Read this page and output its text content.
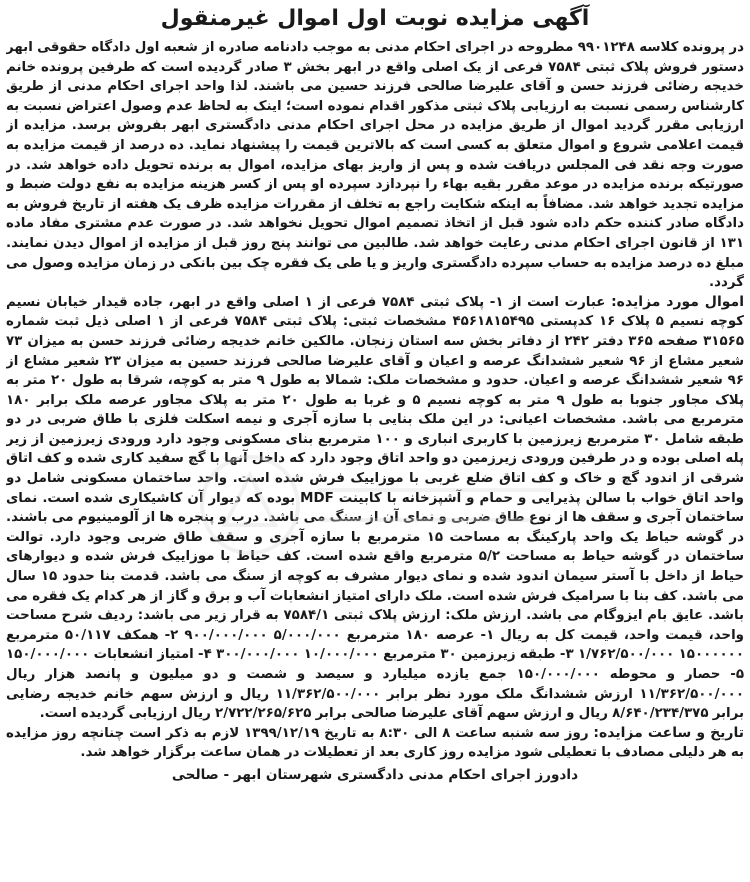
آگهی مزایده نوبت اول اموال غیرمنقول

در پرونده کلاسه ۹۹۰۱۲۴۸ مطروحه در اجرای احکام مدنی به موجب دادنامه صادره از شعبه اول دادگاه حقوقی ابهر دستور فروش پلاک ثبتی ۷۵۸۴ فرعی از یک اصلی واقع در ابهر بخش ۳ صادر گردیده است که طرفین پرونده خانم خدیجه رضائی فرزند حسن و آقای علیرضا صالحی فرزند حسین می باشند. لذا واحد اجرای احکام مدنی از طریق کارشناس رسمی نسبت به ارزیابی پلاک ثبتی مذکور اقدام نموده است؛ اینک به لحاظ عدم وصول اعتراض نسبت به ارزیابی مقرر گردید اموال از طریق مزایده در محل اجرای احکام مدنی دادگستری ابهر بفروش برسد. مزایده از قیمت اعلامی شروع و اموال متعلق به کسی است که بالاترین قیمت را پیشنهاد نماید. ده درصد از قیمت مزایده به صورت وجه نقد فی المجلس دریافت شده و پس از واریز بهای مزایده، اموال به برنده تحویل داده خواهد شد. در صورتیکه برنده مزایده در موعد مقرر بقیه بهاء را نپردازد سپرده او پس از کسر هزینه مزایده به نفع دولت ضبط و مزایده تجدید خواهد شد. مضافاً به اینکه شکایت راجع به تخلف از مقررات مزایده ظرف یک هفته از تاریخ فروش به دادگاه صادر کننده حکم داده شود قبل از اتخاذ تصمیم اموال تحویل نخواهد شد. در صورت عدم مشتری مفاد ماده ۱۳۱ از قانون اجرای احکام مدنی رعایت خواهد شد. طالبین می توانند پنج روز قبل از مزایده از اموال دیدن نمایند. مبلغ ده درصد مزایده به حساب سپرده دادگستری واریز و یا طی یک فقره چک بین بانکی در زمان مزایده وصول می گردد.

اموال مورد مزایده: عبارت است از ۱- پلاک ثبتی ۷۵۸۴ فرعی از ۱ اصلی واقع در ابهر، جاده قیدار خیابان نسیم کوچه نسیم ۵ پلاک ۱۶ کدپستی ۴۵۶۱۸۱۵۴۹۵ مشخصات ثبتی: پلاک ثبتی ۷۵۸۴ فرعی از ۱ اصلی ذیل ثبت شماره ۳۱۵۶۵ صفحه ۳۶۵ دفتر ۲۴۲ از دفاتر بخش سه استان زنجان. مالکین خانم خدیجه رضائی فرزند حسن به میزان ۷۳ شعیر مشاع از ۹۶ شعیر ششدانگ عرصه و اعیان و آقای علیرضا صالحی فرزند حسین به میزان ۲۳ شعیر مشاع از ۹۶ شعیر ششدانگ عرصه و اعیان. حدود و مشخصات ملک: شمالا به طول ۹ متر به کوچه، شرقا به طول ۲۰ متر به پلاک مجاور جنوبا به طول ۹ متر به کوچه نسیم ۵ و غربا به طول ۲۰ متر به پلاک مجاور عرصه ملک برابر ۱۸۰ مترمربع می باشد. مشخصات اعیانی: در این ملک بنایی با سازه آجری و نیمه اسکلت فلزی با طاق ضربی در دو طبقه شامل ۳۰ مترمربع زیرزمین با کاربری انباری و ۱۰۰ مترمربع بنای مسکونی وجود دارد ورودی زیرزمین از زیر پله اصلی بوده و در طرفین ورودی زیرزمین دو واحد اتاق وجود دارد که داخل آنها با گچ سفید کاری شده و کف اتاق شرقی از اندود گچ و خاک و کف اتاق ضلع غربی با موزاییک فرش شده است. واحد ساختمان مسکونی شامل دو واحد اتاق خواب با سالن پذیرایی و حمام و آشپزخانه با کابینت MDF بوده که دیوار آن کاشیکاری شده است. نمای ساختمان آجری و سقف ها از نوع طاق ضربی و نمای آن از سنگ می باشد. درب و پنجره ها از آلومینیوم می باشند. در گوشه حیاط یک واحد پارکینگ به مساحت ۱۵ مترمربع با سازه آجری و سقف طاق ضربی وجود دارد. توالت ساختمان در گوشه حیاط به مساحت ۵/۲ مترمربع واقع شده است. کف حیاط با موزاییک فرش شده و دیوارهای حیاط از داخل با آستر سیمان اندود شده و نمای دیوار مشرف به کوچه از سنگ می باشد. قدمت بنا حدود ۱۵ سال می باشد. کف بنا با سرامیک فرش شده است. ملک دارای امتیاز انشعابات آب و برق و گاز از هر کدام یک فقره می باشد. عایق بام ایزوگام می باشد. ارزش ملک: ارزش پلاک ثبتی ۷۵۸۴/۱ به قرار زیر می باشد: ردیف شرح مساحت واحد، قیمت واحد، قیمت کل به ریال ۱- عرصه ۱۸۰ مترمربع ۵/۰۰۰/۰۰۰ ۹۰۰/۰۰۰/۰۰۰ ۲- همکف ۵۰/۱۱۷ مترمربع ۱۵۰۰۰۰۰۰ ۱/۷۶۲/۵۰۰/۰۰۰ ۳- طبقه زیرزمین ۳۰ مترمربع ۱۰/۰۰۰/۰۰۰ ۳۰۰/۰۰۰/۰۰۰ ۴- امتیاز انشعابات ۱۵۰/۰۰۰/۰۰۰ ۵- حصار و محوطه ۱۵۰/۰۰۰/۰۰۰ جمع یازده میلیارد و سیصد و شصت و دو میلیون و پانصد هزار ریال ۱۱/۳۶۲/۵۰۰/۰۰۰ ارزش ششدانگ ملک مورد نظر برابر ۱۱/۳۶۲/۵۰۰/۰۰۰ ریال و ارزش سهم خانم خدیجه رضایی برابر ۸/۶۴۰/۲۳۴/۳۷۵ ریال و ارزش سهم آقای علیرضا صالحی برابر ۲/۷۲۲/۲۶۵/۶۲۵ ریال ارزیابی گردیده است.

تاریخ و ساعت مزایده: روز سه شنبه ساعت ۸ الی ۸:۳۰ به تاریخ ۱۳۹۹/۱۲/۱۹ لازم به ذکر است چنانچه روز مزایده به هر دلیلی مصادف با تعطیلی شود مزایده روز کاری بعد از تعطیلات در همان ساعت برگزار خواهد شد.

دادورز اجرای احکام مدنی دادگستری شهرستان ابهر - صالحی
